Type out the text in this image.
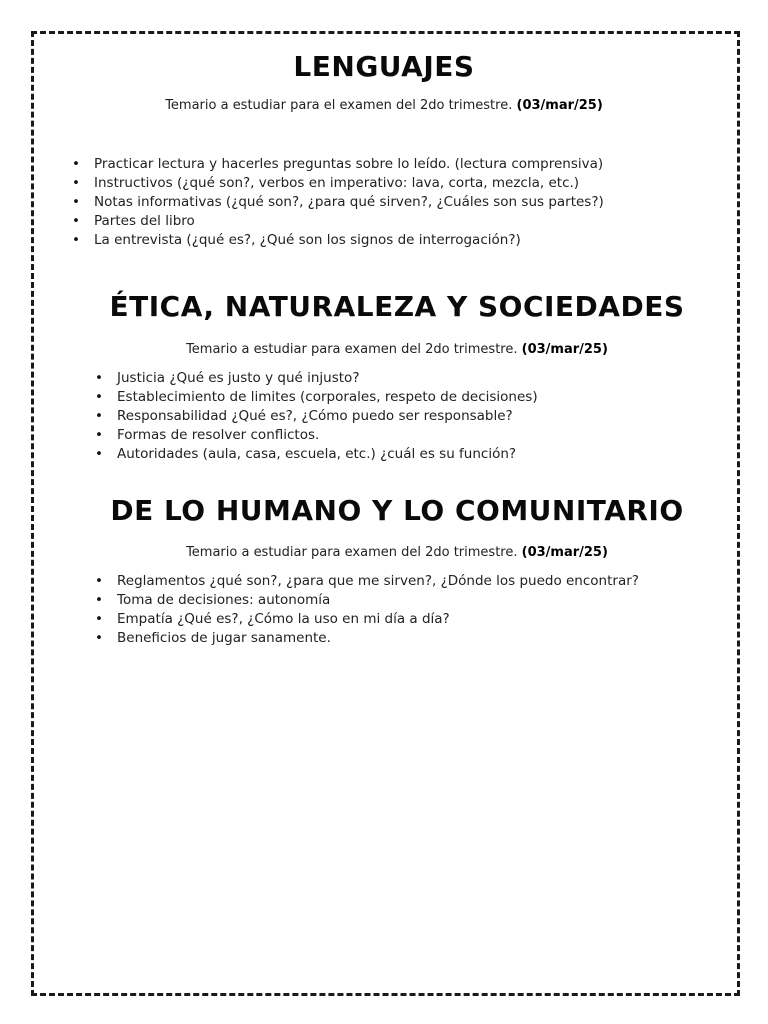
LENGUAJES

Temario a estudiar para el examen del 2do trimestre. (03/mar/25)

• Practicar lectura y hacerles preguntas sobre lo leído. (lectura comprensiva)
• Instructivos (¿qué son?, verbos en imperativo: lava, corta, mezcla, etc.)
• Notas informativas (¿qué son?, ¿para qué sirven?, ¿Cuáles son sus partes?)
• Partes del libro
• La entrevista (¿qué es?, ¿Qué son los signos de interrogación?)
ÉTICA, NATURALEZA Y SOCIEDADES

Temario a estudiar para examen del 2do trimestre. (03/mar/25)

• Justicia ¿Qué es justo y qué injusto?
• Establecimiento de limites (corporales, respeto de decisiones)
• Responsabilidad ¿Qué es?, ¿Cómo puedo ser responsable?
• Formas de resolver conflictos.
• Autoridades (aula, casa, escuela, etc.) ¿cuál es su función?
DE LO HUMANO Y LO COMUNITARIO

Temario a estudiar para examen del 2do trimestre. (03/mar/25)

• Reglamentos ¿qué son?, ¿para que me sirven?, ¿Dónde los puedo encontrar?
• Toma de decisiones: autonomía
• Empatía ¿Qué es?, ¿Cómo la uso en mi día a día?
• Beneficios de jugar sanamente.
